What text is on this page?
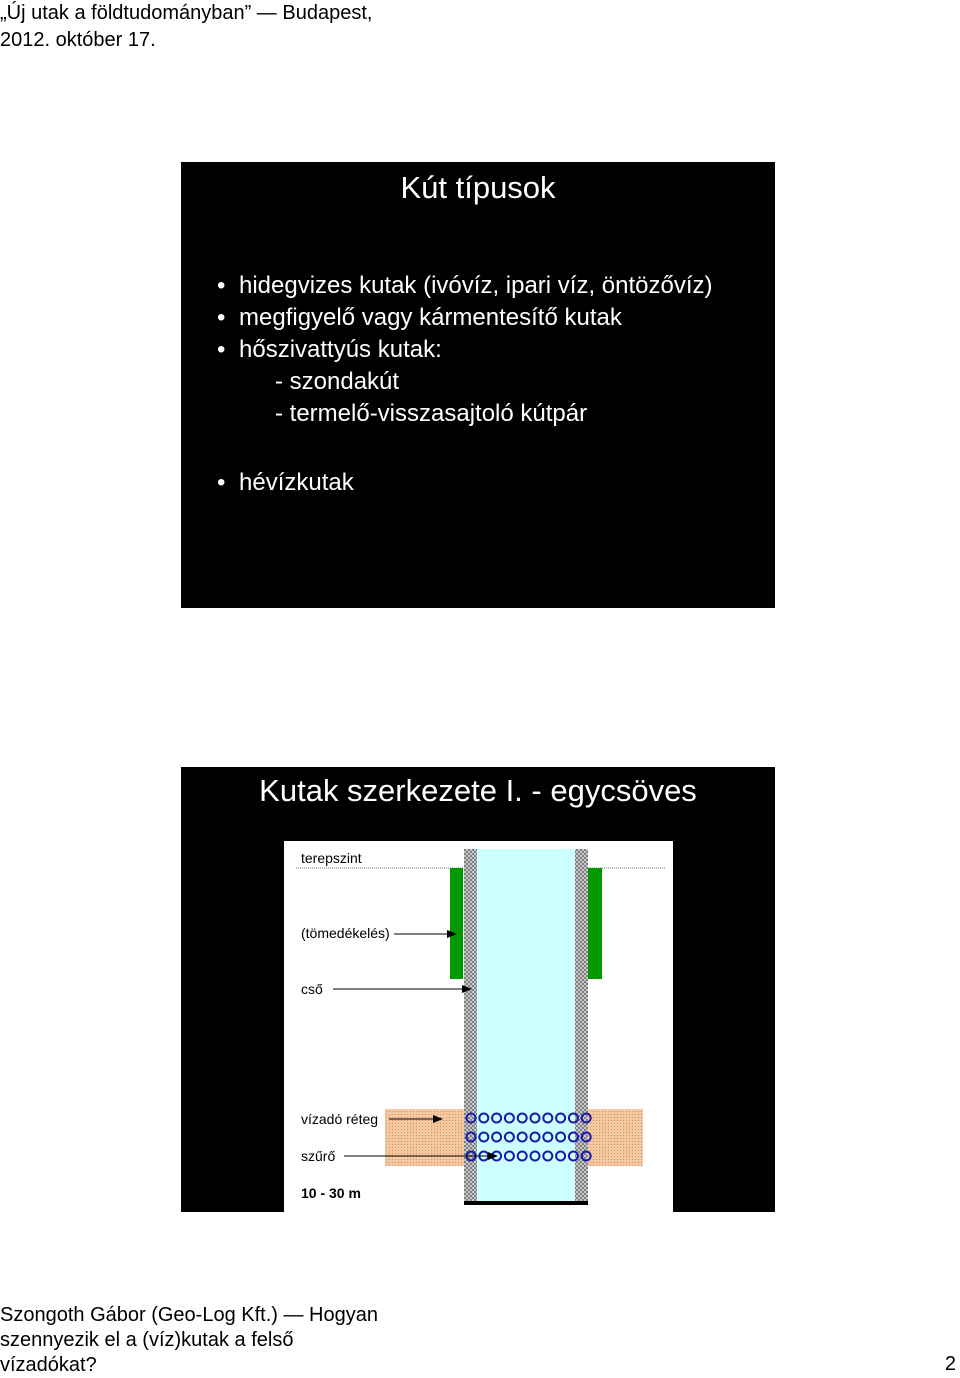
„Új utak a földtudományban” — Budapest,
2012. október 17.
Kút típusok
• hidegvizes kutak (ivóvíz, ipari víz, öntözővíz)
• megfigyelő vagy kármentesítő kutak
• hőszivattyús kutak:
- szondakút
- termelő-visszasajtoló kútpár
• hévízkutak
Kutak szerkezete I. - egycsöves
terepszint
(tömedékelés)
cső
vízadó réteg
szűrő
10 - 30 m
Szongoth Gábor (Geo-Log Kft.) — Hogyan
szennyezik el a (víz)kutak a felső
vízadókat?	2
